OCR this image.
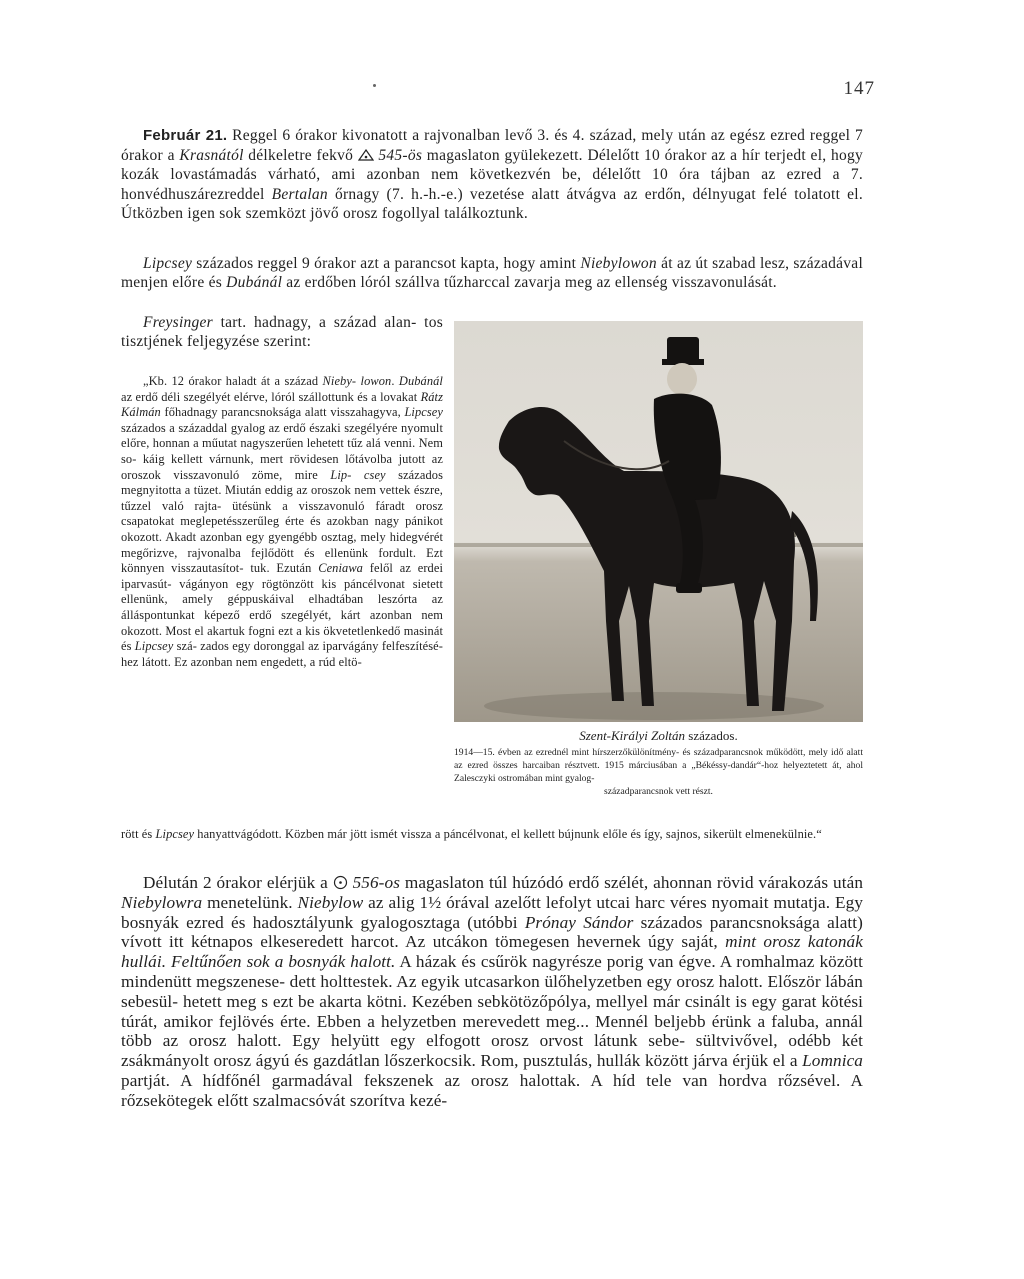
147

Február 21. Reggel 6 órakor kivonatott a rajvonalban levő 3. és 4. század, mely után az egész ezred reggel 7 órakor a Krasnától délkeletre fekvő  545-ös magaslaton gyülekezett. Délelőtt 10 órakor az a hír terjedt el, hogy kozák lovastámadás várható, ami azonban nem következvén be, délelőtt 10 óra tájban az ezred a 7. honvédhuszárezreddel Bertalan őrnagy (7. h.-h.-e.) vezetése alatt átvágva az erdőn, délnyugat felé tolatott el. Útközben igen sok szemközt jövő orosz fogollyal találkoztunk.

Lipcsey százados reggel 9 órakor azt a parancsot kapta, hogy amint Niebylowon át az út szabad lesz, századával menjen előre és Dubánál az erdőben lóról szállva tűzharccal zavarja meg az ellenség visszavonulását.
Freysinger tart. hadnagy, a század alan- tos tisztjének feljegyzése szerint:

„Kb. 12 órakor haladt át a század Nieby- lowon. Dubánál az erdő déli szegélyét elérve, lóról szállottunk és a lovakat Rátz Kálmán főhadnagy parancsnoksága alatt visszahagyva, Lipcsey százados a századdal gyalog az erdő északi szegélyére nyomult előre, honnan a műutat nagyszerűen lehetett tűz alá venni. Nem so- káig kellett várnunk, mert rövidesen lőtávolba jutott az oroszok visszavonuló zöme, mire Lip- csey százados megnyitotta a tüzet. Miután eddig az oroszok nem vettek észre, tűzzel való rajta- ütésünk a visszavonuló fáradt orosz csapatokat meglepetésszerűleg érte és azokban nagy pánikot okozott. Akadt azonban egy gyengébb osztag, mely hidegvérét megőrizve, rajvonalba fejlődött és ellenünk fordult. Ezt könnyen visszautasítot- tuk. Ezután Ceniawa felől az erdei iparvasút- vágányon egy rögtönzött kis páncélvonat sietett ellenünk, amely géppuskáival elhadtában leszórta az álláspontunkat képező erdő szegélyét, kárt azonban nem okozott. Most el akartuk fogni ezt a kis ökvetetlenkedő masinát és Lipcsey szá- zados egy doronggal az iparvágány felfeszítésé- hez látott. Ez azonban nem engedett, a rúd eltö-

rött és Lipcsey hanyattvágódott. Közben már jött ismét vissza a páncélvonat, el kellett bújnunk előle és így, sajnos, sikerült elmenekülnie.“
Szent-Királyi Zoltán százados.
1914—15. évben az ezrednél mint hírszerzőkülönítmény- és századparancsnok működött, mely idő alatt az ezred összes harcaiban résztvett. 1915 márciusában a „Békéssy-dandár“-hoz helyeztetett át, ahol Zalesczyki ostromában mint gyalog-
századparancsnok vett részt.
Délután 2 órakor elérjük a  556-os magaslaton túl húzódó erdő szélét, ahonnan rövid várakozás után Niebylowra menetelünk. Niebylow az alig 1½ órával azelőtt lefolyt utcai harc véres nyomait mutatja. Egy bosnyák ezred és hadosztályunk gyalogosztaga (utóbbi Prónay Sándor százados parancsnoksága alatt) vívott itt kétnapos elkeseredett harcot. Az utcákon tömegesen hevernek úgy saját, mint orosz katonák hullái. Feltűnően sok a bosnyák halott. A házak és csűrök nagyrésze porig van égve. A romhalmaz között mindenütt megszenese- dett holttestek. Az egyik utcasarkon ülőhelyzetben egy orosz halott. Először lábán sebesül- hetett meg s ezt be akarta kötni. Kezében sebkötözőpólya, mellyel már csinált is egy garat kötési túrát, amikor fejlövés érte. Ebben a helyzetben merevedett meg... Mennél beljebb érünk a faluba, annál több az orosz halott. Egy helyütt egy elfogott orosz orvost látunk sebe- sültvivővel, odébb két zsákmányolt orosz ágyú és gazdátlan lőszerkocsik. Rom, pusztulás, hullák között járva érjük el a Lomnica partját. A hídfőnél garmadával fekszenek az orosz halottak. A híd tele van hordva rőzsével. A rőzsekötegek előtt szalmacsóvát szorítva kezé-
